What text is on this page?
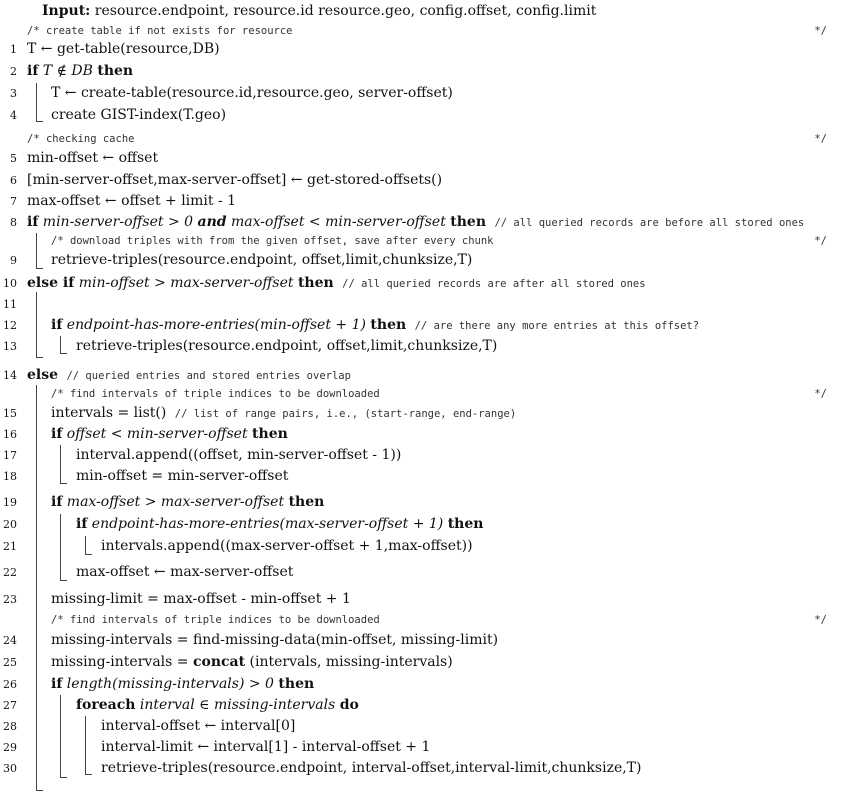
Input: resource.endpoint, resource.id resource.geo, config.offset, config.limit
/* create table if not exists for resource	*/
1 T ← get-table(resource,DB)
2 if T ∉ DB then
3 T ← create-table(resource.id,resource.geo, server-offset)
4 create GIST-index(T.geo)
/* checking cache	*/
5 min-offset ← offset
6 [min-server-offset,max-server-offset] ← get-stored-offsets()
7 max-offset ← offset + limit - 1
8 if min-server-offset > 0 and max-offset < min-server-offset then // all queried records are before all stored ones
/* download triples with from the given offset, save after every chunk	*/
9 retrieve-triples(resource.endpoint, offset,limit,chunksize,T)
10 else if min-offset > max-server-offset then // all queried records are after all stored ones
11
12 if endpoint-has-more-entries(min-offset + 1) then // are there any more entries at this offset?
13	retrieve-triples(resource.endpoint, offset,limit,chunksize,T)
14 else // queried entries and stored entries overlap
/* find intervals of triple indices to be downloaded	*/
15 intervals = list() // list of range pairs, i.e., (start-range, end-range)
16 if offset < min-server-offset then
17	interval.append((offset, min-server-offset - 1))
18	min-offset = min-server-offset
19 if max-offset > max-server-offset then
20	if endpoint-has-more-entries(max-server-offset + 1) then
21	intervals.append((max-server-offset + 1,max-offset))
22	max-offset ← max-server-offset
23 missing-limit = max-offset - min-offset + 1
/* find intervals of triple indices to be downloaded	*/
24 missing-intervals = find-missing-data(min-offset, missing-limit)
25 missing-intervals = concat (intervals, missing-intervals)
26 if length(missing-intervals) > 0 then
27	foreach interval ∈ missing-intervals do
28	interval-offset ← interval[0]
29	interval-limit ← interval[1] - interval-offset + 1
30	retrieve-triples(resource.endpoint, interval-offset,interval-limit,chunksize,T)
